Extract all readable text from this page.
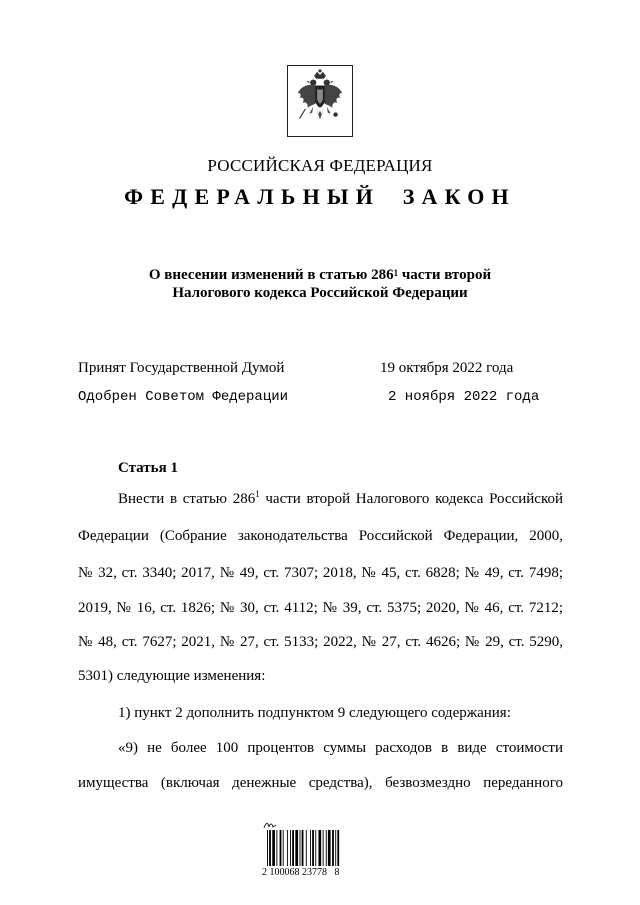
РОССИЙСКАЯ ФЕДЕРАЦИЯ
ФЕДЕРАЛЬНЫЙ ЗАКОН
О внесении изменений в статью $286^1$ части второй
Налогового кодекса Российской Федерации
Принят Государственной Думой	19 октября 2022 года
Одобрен Советом Федерации	2 ноября 2022 года
Статья 1
Внести в статью $286^1$ части второй Налогового кодекса Российской
Федерации (Собрание законодательства Российской Федерации, 2000,
№ 32, ст. 3340; 2017, № 49, ст. 7307; 2018, № 45, ст. 6828; № 49, ст. 7498;
2019, № 16, ст. 1826; № 30, ст. 4112; № 39, ст. 5375; 2020, № 46, ст. 7212;
№ 48, ст. 7627; 2021, № 27, ст. 5133; 2022, № 27, ст. 4626; № 29, ст. 5290,
5301) следующие изменения:
1) пункт 2 дополнить подпунктом 9 следующего содержания:
«9) не более 100 процентов суммы расходов в виде стоимости
имущества (включая денежные средства), безвозмездно переданного
2 100068 23778   8
